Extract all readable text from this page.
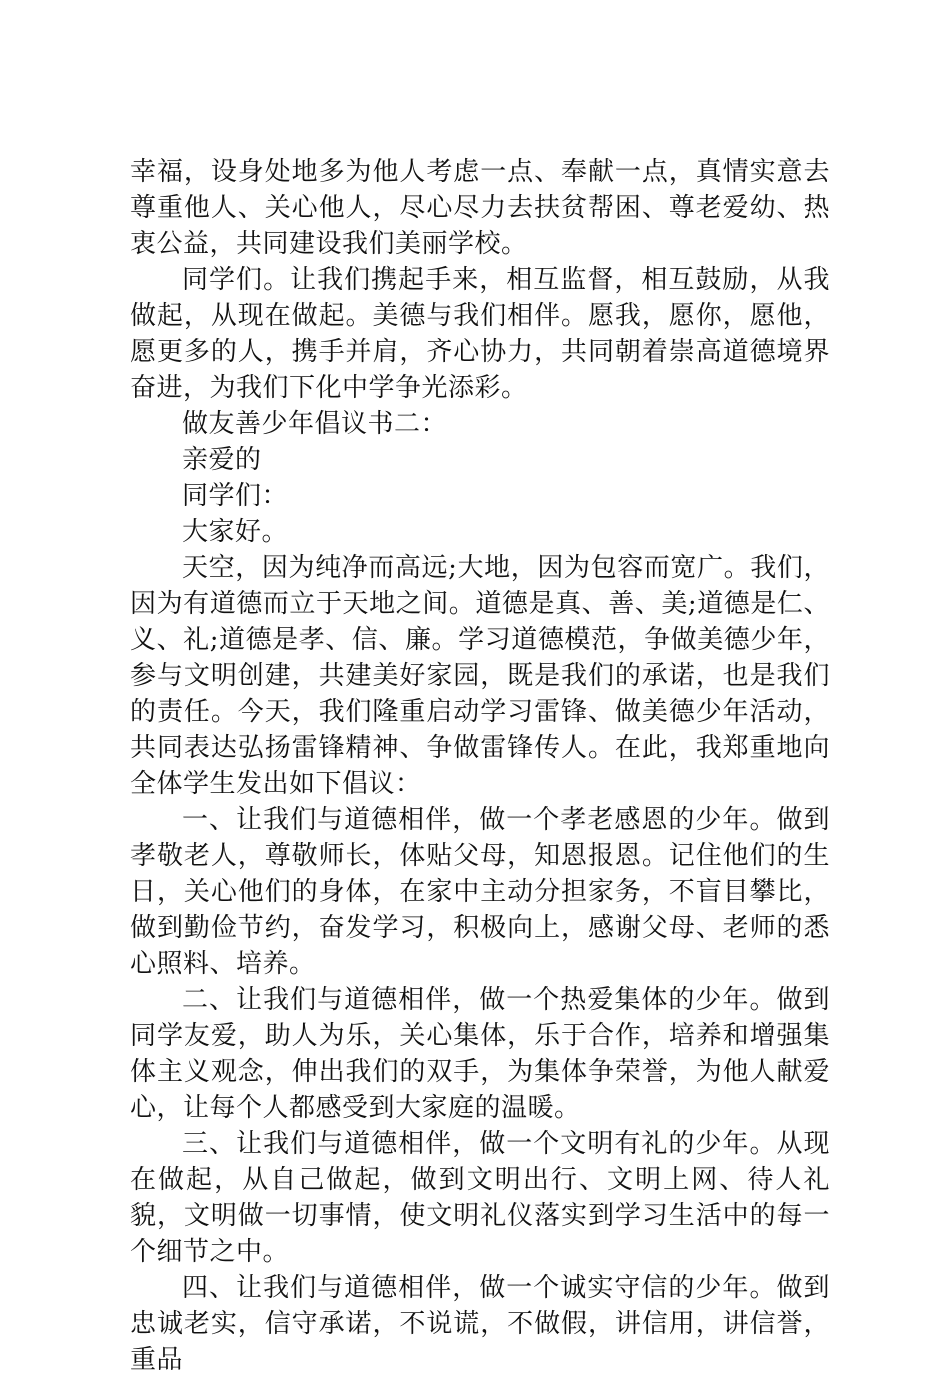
幸福，设身处地多为他人考虑一点、奉献一点，真情实意去尊重他人、关心他人，尽心尽力去扶贫帮困、尊老爱幼、热衷公益，共同建设我们美丽学校。

同学们。让我们携起手来，相互监督，相互鼓励，从我做起，从现在做起。美德与我们相伴。愿我，愿你，愿他，愿更多的人，携手并肩，齐心协力，共同朝着崇高道德境界奋进，为我们下化中学争光添彩。

做友善少年倡议书二：

亲爱的

同学们：

大家好。

天空，因为纯净而高远;大地，因为包容而宽广。我们，因为有道德而立于天地之间。道德是真、善、美;道德是仁、义、礼;道德是孝、信、廉。学习道德模范，争做美德少年，参与文明创建，共建美好家园，既是我们的承诺，也是我们的责任。今天，我们隆重启动学习雷锋、做美德少年活动，共同表达弘扬雷锋精神、争做雷锋传人。在此，我郑重地向全体学生发出如下倡议：

一、让我们与道德相伴，做一个孝老感恩的少年。做到孝敬老人，尊敬师长，体贴父母，知恩报恩。记住他们的生日，关心他们的身体，在家中主动分担家务，不盲目攀比，做到勤俭节约，奋发学习，积极向上，感谢父母、老师的悉心照料、培养。

二、让我们与道德相伴，做一个热爱集体的少年。做到同学友爱，助人为乐，关心集体，乐于合作，培养和增强集体主义观念，伸出我们的双手，为集体争荣誉，为他人献爱心，让每个人都感受到大家庭的温暖。

三、让我们与道德相伴，做一个文明有礼的少年。从现在做起，从自己做起，做到文明出行、文明上网、待人礼貌，文明做一切事情，使文明礼仪落实到学习生活中的每一个细节之中。

四、让我们与道德相伴，做一个诚实守信的少年。做到忠诚老实，信守承诺，不说谎，不做假，讲信用，讲信誉，重品
